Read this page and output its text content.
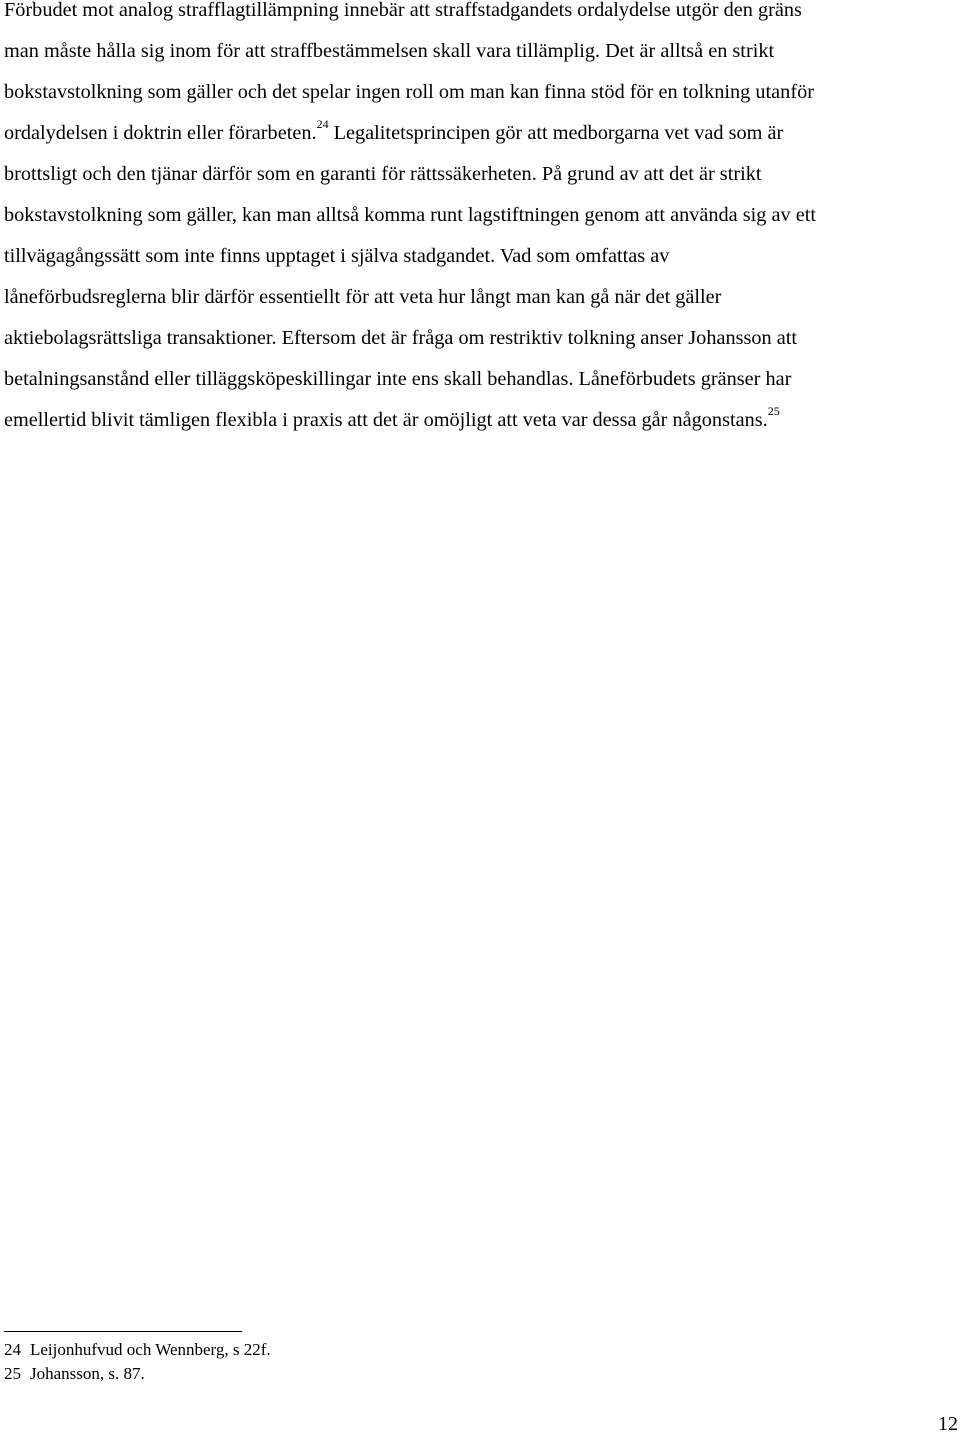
Förbudet mot analog strafflagtillämpning innebär att straffstadgandets ordalydelse utgör den gräns
man måste hålla sig inom för att straffbestämmelsen skall vara tillämplig. Det är alltså en strikt
bokstavstolkning som gäller och det spelar ingen roll om man kan finna stöd för en tolkning utanför
ordalydelsen i doktrin eller förarbeten.$^{24}$ Legalitetsprincipen gör att medborgarna vet vad som är
brottsligt och den tjänar därför som en garanti för rättssäkerheten. På grund av att det är strikt
bokstavstolkning som gäller, kan man alltså komma runt lagstiftningen genom att använda sig av ett
tillvägagångssätt som inte finns upptaget i själva stadgandet. Vad som omfattas av
låneförbudsreglerna blir därför essentiellt för att veta hur långt man kan gå när det gäller
aktiebolagsrättsliga transaktioner. Eftersom det är fråga om restriktiv tolkning anser Johansson att
betalningsanstånd eller tilläggsköpeskillingar inte ens skall behandlas. Låneförbudets gränser har
emellertid blivit tämligen flexibla i praxis att det är omöjligt att veta var dessa går någonstans.$^{25}$

24 Leijonhufvud och Wennberg, s 22f.
25 Johansson, s. 87.
12
